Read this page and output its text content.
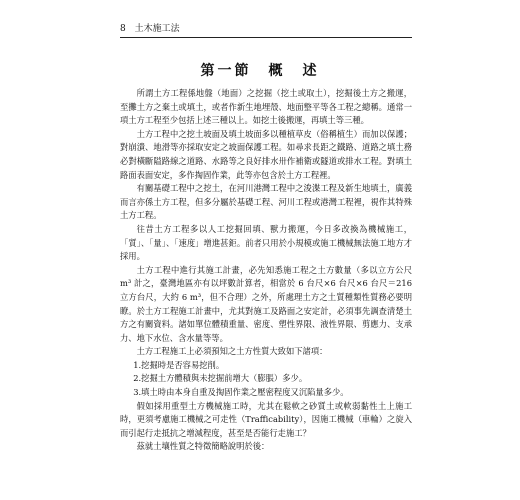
8 土木施工法
第一節　概　述

所謂土方工程係地盤（地面）之挖掘（挖土或取土），挖掘後土方之搬運，至攤土方之棄土或填土，或者作新生地埋殼、地面整平等各工程之總稱。通常一項土方工程至少包括上述三種以上。如挖土後搬運，再填土等三種。

土方工程中之挖土坡面及填土坡面多以種植草皮（俗稱植生）而加以保護；對崩潰、地滑等亦採取安定之坡面保護工程。如尋求長距之鐵路、道路之填土務必對橫斷隘路線之道路、水路等之良好排水卅作補衛或隧道或排水工程。對填土路面表面安定，多作掏固作業，此等亦包含於土方工程裡。

有關基礎工程中之挖土，在河川港灣工程中之浚渫工程及新生地填土，廣義而言亦係土方工程，但多分屬於基礎工程、河川工程或港灣工程裡，視作其特殊土方工程。

往昔土方工程多以人工挖掘回填、獸力搬運，今日多改換為機械施工，「質」、「量」、「速度」增進甚鉅。前者只用於小規模或施工機械無法施工地方才採用。

土方工程中進行其施工計畫，必先知悉施工程之土方數量（多以立方公尺 m³ 計之，臺灣地區亦有以坪數計算者，相當於 6 台尺×6 台尺×6 台尺＝216 立方台尺，大約 6 m³，但不合理）之外，所處理土方之土質種類性質務必要明瞭。於土方工程施工計畫中，尤其對施工及路面之安定計，必須事先調查清楚土方之有關資料。諸如單位體積重量、密度、塑性界限、液性界限、剪應力、支承力、地下水位、含水量等等。

土方工程施工上必須預知之土方性質大致如下諸項：

1.挖掘時是否容易挖削。

2.挖掘土方體積與未挖掘前增大（膨脹）多少。

3.填土時由本身自重及掏固作業之壓密程度又沉陷量多少。

假如採用重型土方機械施工時，尤其在鬆軟之砂質土或軟弱黏性土上施工時，更須考慮施工機械之可走性（Trafficability），因施工機械（車輪）之旋入而引起行走抵抗之增減程度，甚至是否能行走施工？

茲就土壤性質之特徵簡略說明於後：
